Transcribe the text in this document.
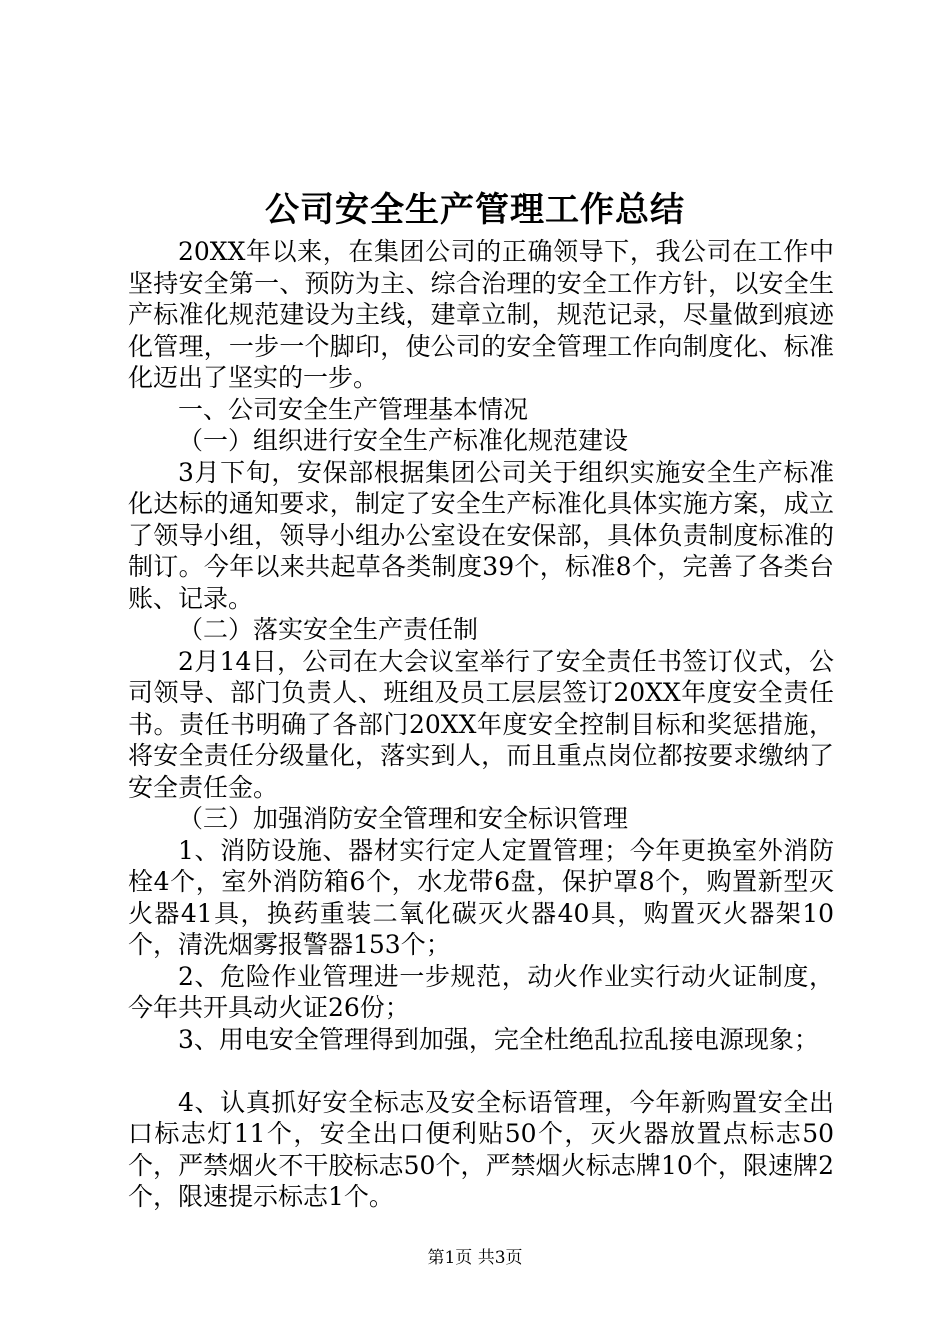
公司安全生产管理工作总结

20XX年以来，在集团公司的正确领导下，我公司在工作中坚持安全第一、预防为主、综合治理的安全工作方针，以安全生产标准化规范建设为主线，建章立制，规范记录，尽量做到痕迹化管理，一步一个脚印，使公司的安全管理工作向制度化、标准化迈出了坚实的一步。

一、公司安全生产管理基本情况

（一）组织进行安全生产标准化规范建设

3月下旬，安保部根据集团公司关于组织实施安全生产标准化达标的通知要求，制定了安全生产标准化具体实施方案，成立了领导小组，领导小组办公室设在安保部，具体负责制度标准的制订。今年以来共起草各类制度39个，标准8个，完善了各类台账、记录。

（二）落实安全生产责任制

2月14日，公司在大会议室举行了安全责任书签订仪式，公司领导、部门负责人、班组及员工层层签订20XX年度安全责任书。责任书明确了各部门20XX年度安全控制目标和奖惩措施，将安全责任分级量化，落实到人，而且重点岗位都按要求缴纳了安全责任金。

（三）加强消防安全管理和安全标识管理

1、消防设施、器材实行定人定置管理；今年更换室外消防栓4个，室外消防箱6个，水龙带6盘，保护罩8个，购置新型灭火器41具，换药重装二氧化碳灭火器40具，购置灭火器架10个，清洗烟雾报警器153个；

2、危险作业管理进一步规范，动火作业实行动火证制度，今年共开具动火证26份；

3、用电安全管理得到加强，完全杜绝乱拉乱接电源现象；

4、认真抓好安全标志及安全标语管理，今年新购置安全出口标志灯11个，安全出口便利贴50个，灭火器放置点标志50个，严禁烟火不干胶标志50个，严禁烟火标志牌10个，限速牌2个，限速提示标志1个。

第1页 共3页
